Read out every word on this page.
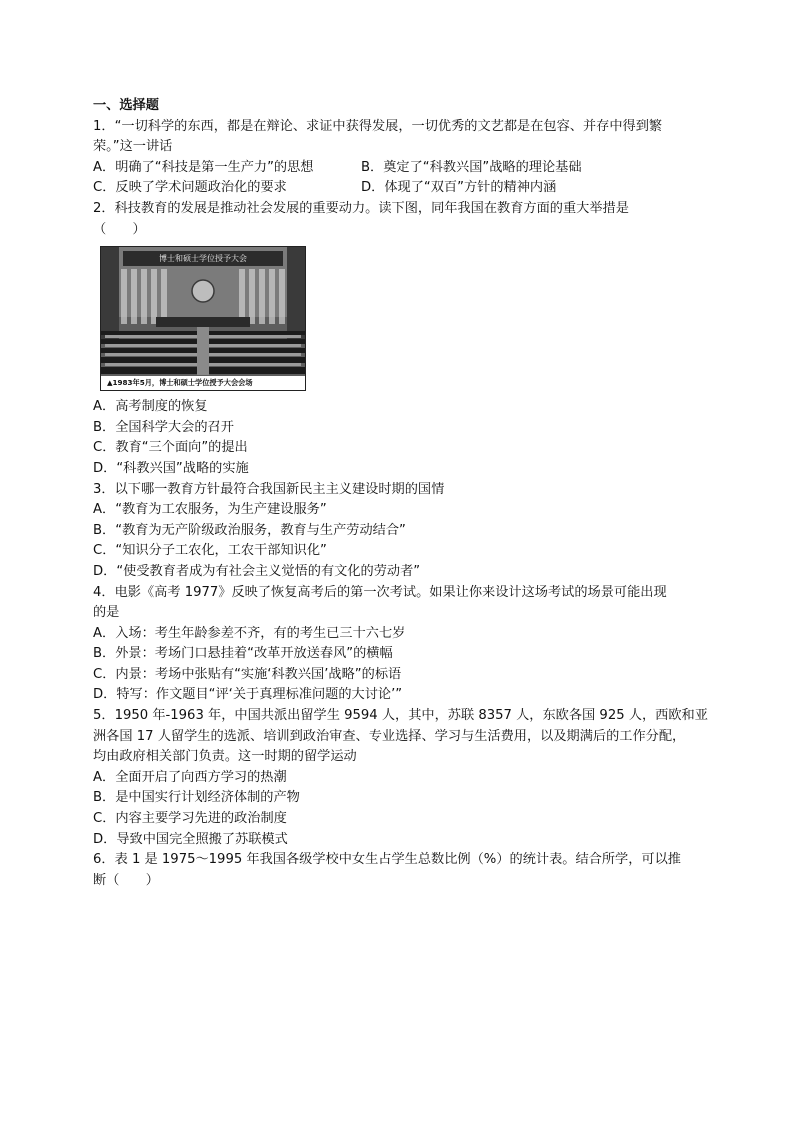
一、选择题
1．“一切科学的东西，都是在辩论、求证中获得发展，一切优秀的文艺都是在包容、并存中得到繁
荣。”这一讲话
A．明确了“科技是第一生产力”的思想	B．奠定了“科教兴国”战略的理论基础
C．反映了学术问题政治化的要求	D．体现了“双百”方针的精神内涵
2．科技教育的发展是推动社会发展的重要动力。读下图，同年我国在教育方面的重大举措是
（　　）
博士和硕士学位授予大会
▲1983年5月，博士和硕士学位授予大会会场
A．高考制度的恢复
B．全国科学大会的召开
C．教育“三个面向”的提出
D．“科教兴国”战略的实施
3．以下哪一教育方针最符合我国新民主主义建设时期的国情
A．“教育为工农服务，为生产建设服务”
B．“教育为无产阶级政治服务，教育与生产劳动结合”
C．“知识分子工农化，工农干部知识化”
D．“使受教育者成为有社会主义觉悟的有文化的劳动者”
4．电影《高考 1977》反映了恢复高考后的第一次考试。如果让你来设计这场考试的场景可能出现
的是
A．入场：考生年龄参差不齐，有的考生已三十六七岁
B．外景：考场门口悬挂着“改革开放送春风”的横幅
C．内景：考场中张贴有“实施‘科教兴国’战略”的标语
D．特写：作文题目“评‘关于真理标准问题的大讨论’”
5．1950 年-1963 年，中国共派出留学生 9594 人，其中，苏联 8357 人，东欧各国 925 人，西欧和亚
洲各国 17 人留学生的选派、培训到政治审查、专业选择、学习与生活费用，以及期满后的工作分配，
均由政府相关部门负责。这一时期的留学运动
A．全面开启了向西方学习的热潮
B．是中国实行计划经济体制的产物
C．内容主要学习先进的政治制度
D．导致中国完全照搬了苏联模式
6．表 1 是 1975～1995 年我国各级学校中女生占学生总数比例（%）的统计表。结合所学，可以推
断（　　）
